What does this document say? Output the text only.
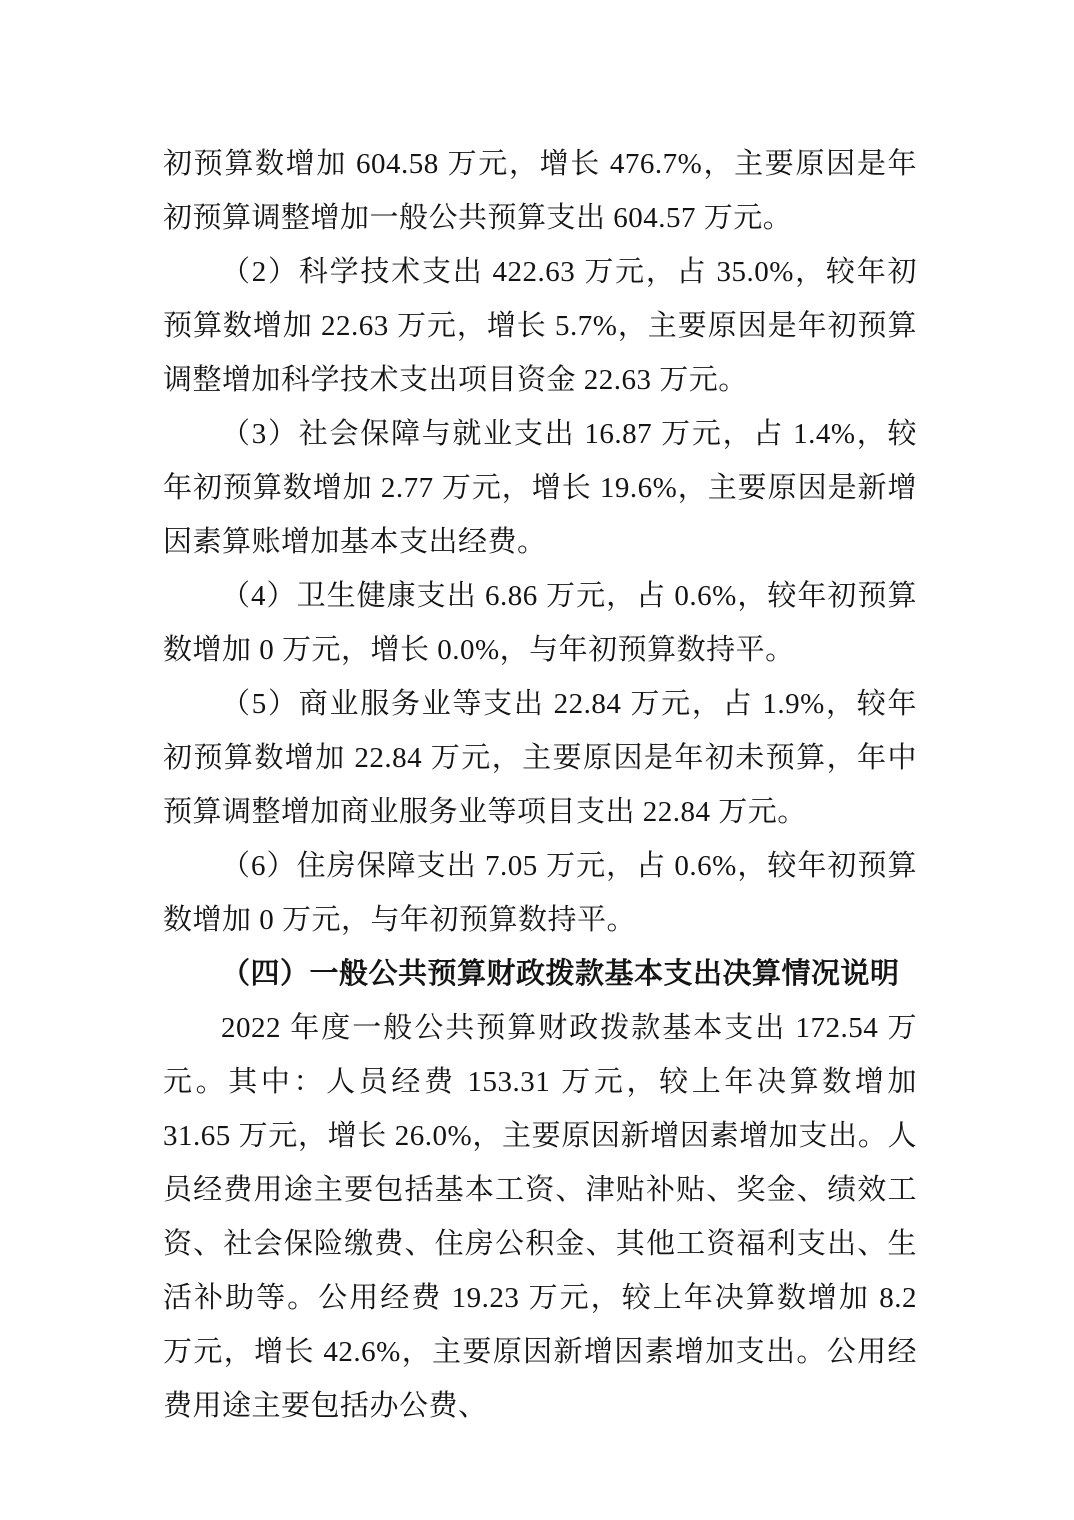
初预算数增加 604.58 万元，增长 476.7%，主要原因是年初预算调整增加一般公共预算支出 604.57 万元。

（2）科学技术支出 422.63 万元，占 35.0%，较年初预算数增加 22.63 万元，增长 5.7%，主要原因是年初预算调整增加科学技术支出项目资金 22.63 万元。

（3）社会保障与就业支出 16.87 万元，占 1.4%，较年初预算数增加 2.77 万元，增长 19.6%，主要原因是新增因素算账增加基本支出经费。

（4）卫生健康支出 6.86 万元，占 0.6%，较年初预算数增加 0 万元，增长 0.0%，与年初预算数持平。

（5）商业服务业等支出 22.84 万元，占 1.9%，较年初预算数增加 22.84 万元，主要原因是年初未预算，年中预算调整增加商业服务业等项目支出 22.84 万元。

（6）住房保障支出 7.05 万元，占 0.6%，较年初预算数增加 0 万元，与年初预算数持平。

（四）一般公共预算财政拨款基本支出决算情况说明

2022 年度一般公共预算财政拨款基本支出 172.54 万元。其中：人员经费 153.31 万元，较上年决算数增加 31.65 万元，增长 26.0%，主要原因新增因素增加支出。人员经费用途主要包括基本工资、津贴补贴、奖金、绩效工资、社会保险缴费、住房公积金、其他工资福利支出、生活补助等。公用经费 19.23 万元，较上年决算数增加 8.2 万元，增长 42.6%，主要原因新增因素增加支出。公用经费用途主要包括办公费、
